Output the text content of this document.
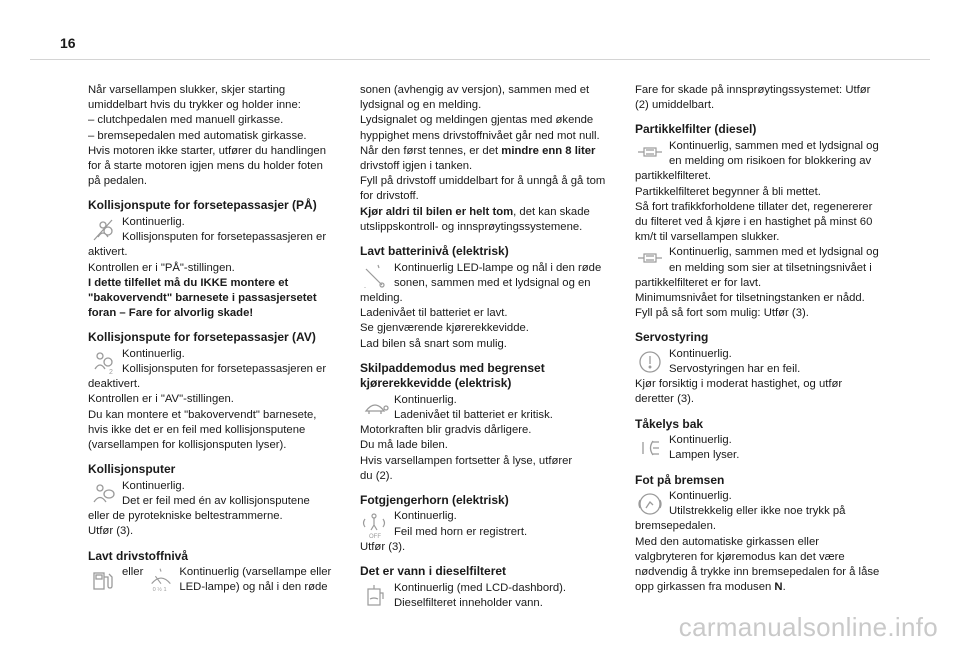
16
Når varsellampen slukker, skjer starting
umiddelbart hvis du trykker og holder inne:
– clutchpedalen med manuell girkasse.
– bremsepedalen med automatisk girkasse.
Hvis motoren ikke starter, utfører du handlingen
for å starte motoren igjen mens du holder foten
på pedalen.
Kollisjonspute for forsetepassasjer (PÅ)
Kontinuerlig.
Kollisjonsputen for forsetepassasjeren er
aktivert.
Kontrollen er i "PÅ"-stillingen.
I dette tilfellet må du IKKE montere et
"bakovervendt" barnesete i passasjersetet
foran – Fare for alvorlig skade!
Kollisjonspute for forsetepassasjer (AV)
2
Kontinuerlig.
Kollisjonsputen for forsetepassasjeren er
deaktivert.
Kontrollen er i "AV"-stillingen.
Du kan montere et "bakovervendt" barnesete,
hvis ikke det er en feil med kollisjonsputene
(varsellampen for kollisjonsputen lyser).
Kollisjonsputer
Kontinuerlig.
Det er feil med én av kollisjonsputene
eller de pyrotekniske beltestrammerne.
Utfør (3).
Lavt drivstoffnivå
eller
0 ½ 1
Kontinuerlig (varsellampe eller
LED-lampe) og nål i den røde
sonen (avhengig av versjon), sammen med et
lydsignal og en melding.
Lydsignalet og meldingen gjentas med økende
hyppighet mens drivstoffnivået går ned mot null.
Når den først tennes, er det mindre enn 8 liter
drivstoff igjen i tanken.
Fyll på drivstoff umiddelbart for å unngå å gå tom
for drivstoff.
Kjør aldri til bilen er helt tom, det kan skade
utslippskontroll- og innsprøytingssystemene.
Lavt batterinivå (elektrisk)
-
Kontinuerlig LED-lampe og nål i den røde
sonen, sammen med et lydsignal og en
melding.
Ladenivået til batteriet er lavt.
Se gjenværende kjørerekkevidde.
Lad bilen så snart som mulig.
Skilpaddemodus med begrenset
kjørerekkevidde (elektrisk)
Kontinuerlig.
Ladenivået til batteriet er kritisk.
Motorkraften blir gradvis dårligere.
Du må lade bilen.
Hvis varsellampen fortsetter å lyse, utfører
du (2).
Fotgjengerhorn (elektrisk)
OFF
Kontinuerlig.
Feil med horn er registrert.
Utfør (3).
Det er vann i dieselfilteret
Kontinuerlig (med LCD-dashbord).
Dieselfilteret inneholder vann.
Fare for skade på innsprøytingssystemet: Utfør
(2) umiddelbart.
Partikkelfilter (diesel)
Kontinuerlig, sammen med et lydsignal og
en melding om risikoen for blokkering av
partikkelfilteret.
Partikkelfilteret begynner å bli mettet.
Så fort trafikkforholdene tillater det, regenererer
du filteret ved å kjøre i en hastighet på minst 60
km/t til varsellampen slukker.
Kontinuerlig, sammen med et lydsignal og
en melding som sier at tilsetningsnivået i
partikkelfilteret er for lavt.
Minimumsnivået for tilsetningstanken er nådd.
Fyll på så fort som mulig: Utfør (3).
Servostyring
Kontinuerlig.
Servostyringen har en feil.
Kjør forsiktig i moderat hastighet, og utfør
deretter (3).
Tåkelys bak
Kontinuerlig.
Lampen lyser.
Fot på bremsen
Kontinuerlig.
Utilstrekkelig eller ikke noe trykk på
bremsepedalen.
Med den automatiske girkassen eller
valgbryteren for kjøremodus kan det være
nødvendig å trykke inn bremsepedalen for å låse
opp girkassen fra modusen N.
carmanualsonline.info
